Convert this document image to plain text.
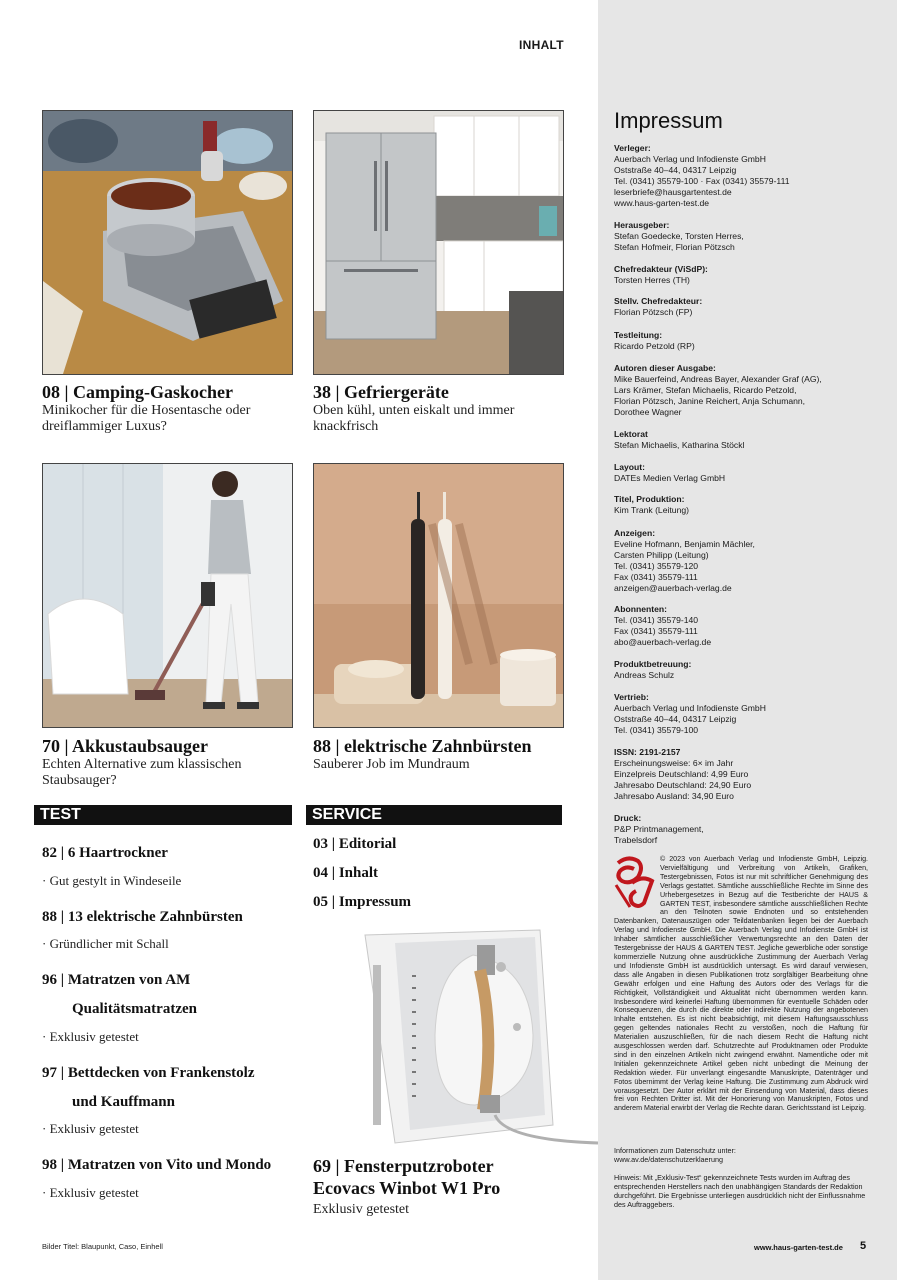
INHALT
08 | Camping-Gaskocher
Minikocher für die Hosentasche oder
dreiflammiger Luxus?
38 | Gefriergeräte
Oben kühl, unten eiskalt und immer
knackfrisch
70 | Akkustaubsauger
Echten Alternative zum klassischen
Staubsauger?
88 | elektrische Zahnbürsten
Sauberer Job im Mundraum
TEST
82 | 6 Haartrockner
· Gut gestylt in Windeseile
88 | 13 elektrische Zahnbürsten
· Gründlicher mit Schall
96 | Matratzen von AM
Qualitätsmatratzen
· Exklusiv getestet
97 | Bettdecken von Frankenstolz
und Kauffmann
· Exklusiv getestet
98 | Matratzen von Vito und Mondo
· Exklusiv getestet
SERVICE
03 | Editorial
04 | Inhalt
05 | Impressum
69 | Fensterputzroboter
Ecovacs Winbot W1 Pro
Exklusiv getestet
Impressum
Verleger:
Auerbach Verlag und Infodienste GmbH
Oststraße 40–44, 04317 Leipzig
Tel. (0341) 35579-100 · Fax (0341) 35579-111
leserbriefe@hausgartentest.de
www.haus-garten-test.de
Herausgeber:
Stefan Goedecke, Torsten Herres,
Stefan Hofmeir, Florian Pötzsch
Chefredakteur (ViSdP):
Torsten Herres (TH)
Stellv. Chefredakteur:
Florian Pötzsch (FP)
Testleitung:
Ricardo Petzold (RP)
Autoren dieser Ausgabe:
Mike Bauerfeind, Andreas Bayer, Alexander Graf (AG),
Lars Krämer, Stefan Michaelis, Ricardo Petzold,
Florian Pötzsch, Janine Reichert, Anja Schumann,
Dorothee Wagner
Lektorat
Stefan Michaelis, Katharina Stöckl
Layout:
DATEs Medien Verlag GmbH
Titel, Produktion:
Kim Trank (Leitung)
Anzeigen:
Eveline Hofmann, Benjamin Mächler,
Carsten Philipp (Leitung)
Tel. (0341) 35579-120
Fax (0341) 35579-111
anzeigen@auerbach-verlag.de
Abonnenten:
Tel. (0341) 35579-140
Fax (0341) 35579-111
abo@auerbach-verlag.de
Produktbetreuung:
Andreas Schulz
Vertrieb:
Auerbach Verlag und Infodienste GmbH
Oststraße 40–44, 04317 Leipzig
Tel. (0341) 35579-100
ISSN: 2191-2157
Erscheinungsweise: 6× im Jahr
Einzelpreis Deutschland: 4,99 Euro
Jahresabo Deutschland: 24,90 Euro
Jahresabo Ausland: 34,90 Euro
Druck:
P&P Printmanagement,
Trabelsdorf
© 2023 von Auerbach Verlag und Infodienste GmbH, Leipzig. Vervielfältigung und Verbreitung von Artikeln, Grafiken, Testergebnissen, Fotos ist nur mit schriftlicher Genehmigung des Verlags gestattet. Sämtliche ausschließliche Rechte im Sinne des Urhebergesetzes in Bezug auf die Testberichte der HAUS & GARTEN TEST, insbesondere sämtliche ausschließlichen Rechte an den Teilnoten sowie Endnoten und so entstehenden Datenbanken, Datenauszügen oder Teildatenbanken liegen bei der Auerbach Verlag und Infodienste GmbH. Die Auerbach Verlag und Infodienste GmbH ist Inhaber sämtlicher ausschließlicher Verwertungsrechte an den Daten der Testergebnisse der HAUS & GARTEN TEST. Jegliche gewerbliche oder sonstige kommerzielle Nutzung ohne ausdrückliche Zustimmung der Auerbach Verlag und Infodienste GmbH ist ausdrücklich untersagt. Es wird darauf verwiesen, dass alle Angaben in diesen Publikationen trotz sorgfältiger Bearbeitung ohne Gewähr erfolgen und eine Haftung des Autors oder des Verlags für die Richtigkeit, Vollständigkeit und Aktualität nicht übernommen werden kann. Insbesondere wird keinerlei Haftung übernommen für eventuelle Schäden oder Konsequenzen, die durch die direkte oder indirekte Nutzung der angebotenen Inhalte entstehen. Es ist nicht beabsichtigt, mit diesem Haftungsausschluss gegen geltendes nationales Recht zu verstoßen, noch die Haftung für Materialien auszuschließen, für die nach diesem Recht die Haftung nicht ausgeschlossen werden darf. Schutzrechte auf Produktnamen oder Produkte sind in den einzelnen Artikeln nicht zwingend erwähnt. Namentliche oder mit Initialen gekennzeichnete Artikel geben nicht unbedingt die Meinung der Redaktion wieder. Für unverlangt eingesandte Manuskripte, Datenträger und Fotos übernimmt der Verlag keine Haftung. Die Zustimmung zum Abdruck wird vorausgesetzt. Der Autor erklärt mit der Einsendung von Material, dass dieses frei von Rechten Dritter ist. Mit der Honorierung von Manuskripten, Fotos und anderem Material erwirbt der Verlag die Rechte daran. Gerichtsstand ist Leipzig.
Informationen zum Datenschutz unter:
www.av.de/datenschutzerklaerung
Hinweis: Mit „Exklusiv-Test“ gekennzeichnete Tests wurden im Auftrag des entsprechenden Herstellers nach den unabhängigen Standards der Redaktion durchgeführt. Die Ergebnisse unterliegen ausdrücklich nicht der Einflussnahme des Auftraggebers.
Bilder Titel: Blaupunkt, Caso, Einhell	www.haus-garten-test.de 5
